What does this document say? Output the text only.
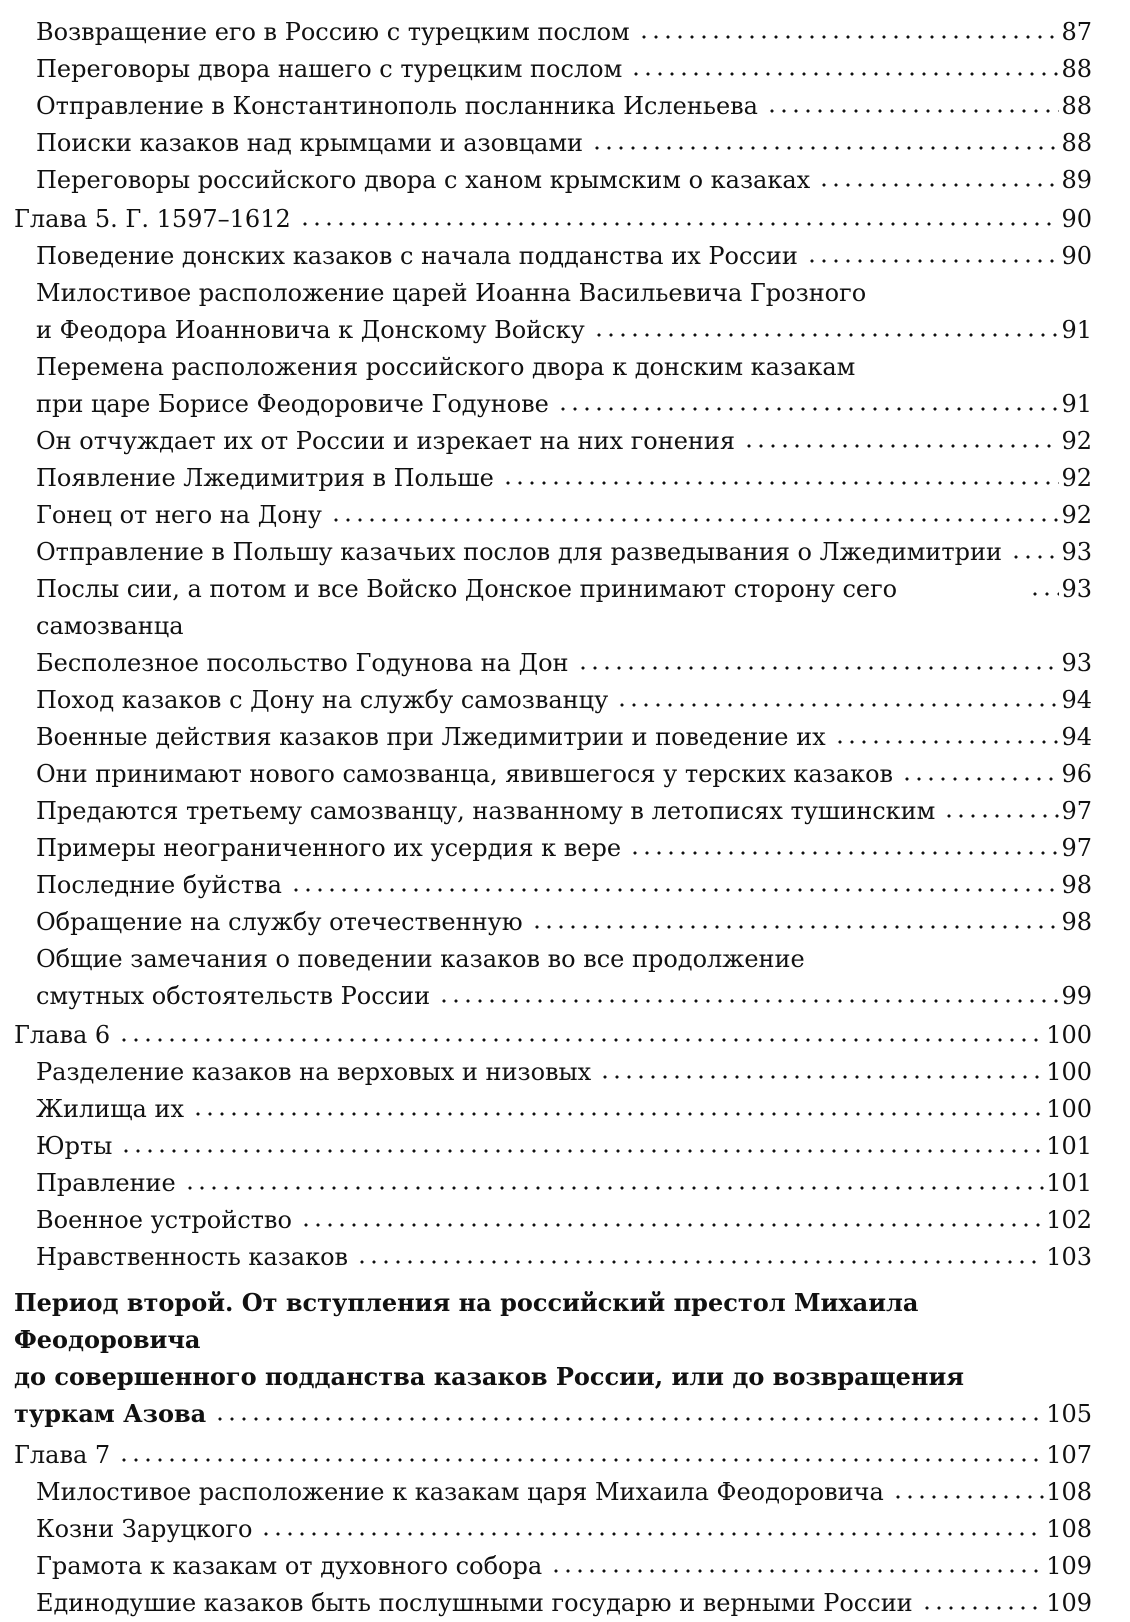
Возвращение его в Россию с турецким послом	87
Переговоры двора нашего с турецким послом	88
Отправление в Константинополь посланника Исленьева	88
Поиски казаков над крымцами и азовцами	88
Переговоры российского двора с ханом крымским о казаках	89
Глава 5. Г. 1597–1612	90
Поведение донских казаков с начала подданства их России	90
Милостивое расположение царей Иоанна Васильевича Грозного
и Феодора Иоанновича к Донскому Войску	91
Перемена расположения российского двора к донским казакам
при царе Борисе Феодоровиче Годунове	91
Он отчуждает их от России и изрекает на них гонения	92
Появление Лжедимитрия в Польше	92
Гонец от него на Дону	92
Отправление в Польшу казачьих послов для разведывания о Лжедимитрии 93
Послы сии, а потом и все Войско Донское принимают сторону сего самозванца
93
Бесполезное посольство Годунова на Дон	93
Поход казаков с Дону на службу самозванцу	94
Военные действия казаков при Лжедимитрии и поведение их	94
Они принимают нового самозванца, явившегося у терских казаков	96
Предаются третьему самозванцу, названному в летописях тушинским	97
Примеры неограниченного их усердия к вере	97
Последние буйства	98
Обращение на службу отечественную	98
Общие замечания о поведении казаков во все продолжение
смутных обстоятельств России	99
Глава 6	100
Разделение казаков на верховых и низовых	100
Жилища их	100
Юрты	101
Правление	101
Военное устройство	102
Нравственность казаков	103
Период второй. От вступления на российский престол Михаила Феодоровича
до совершенного подданства казаков России, или до возвращения
туркам Азова	105
Глава 7	107
Милостивое расположение к казакам царя Михаила Феодоровича	108
Козни Заруцкого	108
Грамота к казакам от духовного собора	109
Единодушие казаков быть послушными государю и верными России	109
